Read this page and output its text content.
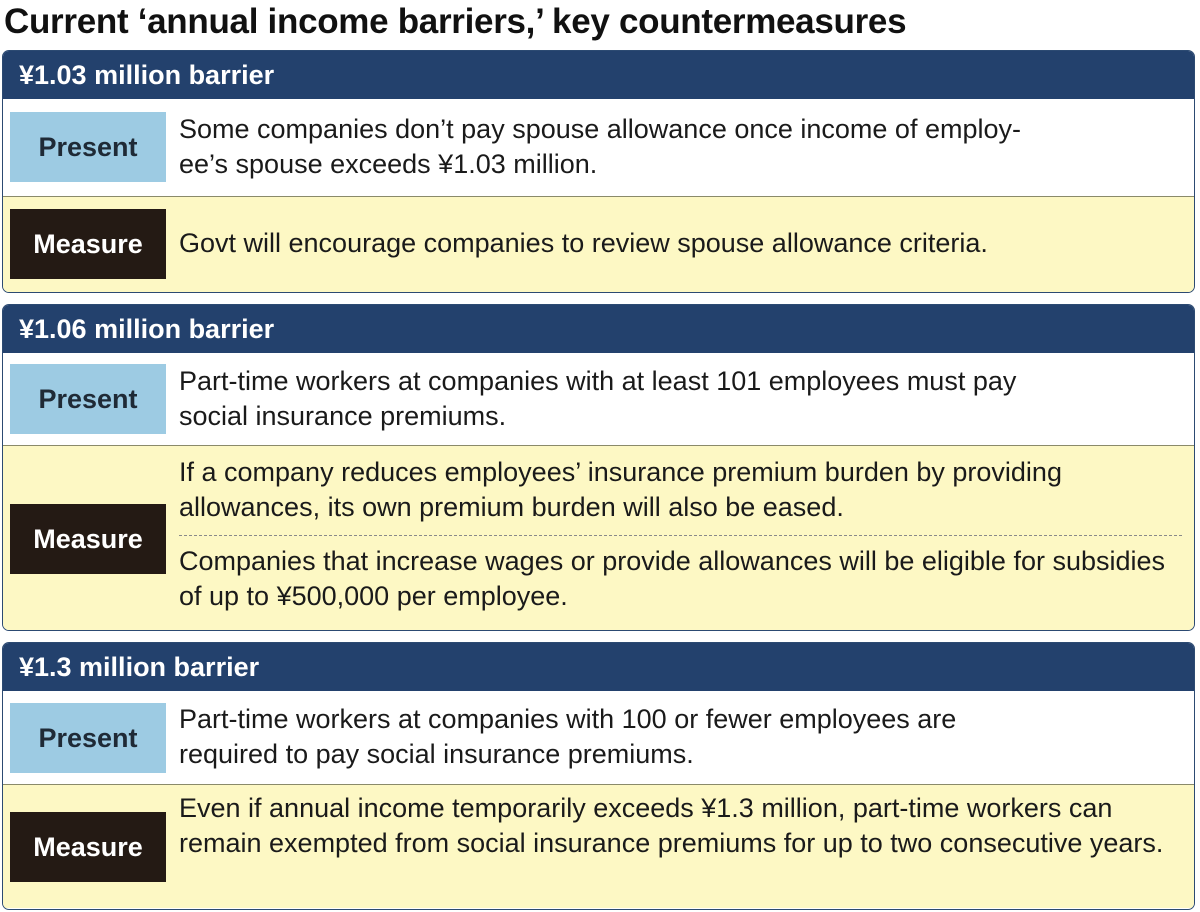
Current ‘annual income barriers,’ key countermeasures
¥1.03 million barrier
Present

Some companies don’t pay spouse allowance once income of employ-

ee’s spouse exceeds ¥1.03 million.

Measure	Govt will encourage companies to review spouse allowance criteria.

¥1.06 million barrier
Present

Part-time workers at companies with at least 101 employees must pay

social insurance premiums.

Measure

If a company reduces employees’ insurance premium burden by providing allowances, its own premium burden will also be eased.

Companies that increase wages or provide allowances will be eligible for subsidies of up to ¥500,000 per employee.

¥1.3 million barrier
Present

Part-time workers at companies with 100 or fewer employees are

required to pay social insurance premiums.

Measure

Even if annual income temporarily exceeds ¥1.3 million, part-time workers can remain exempted from social insurance premiums for up to two consecutive years.
